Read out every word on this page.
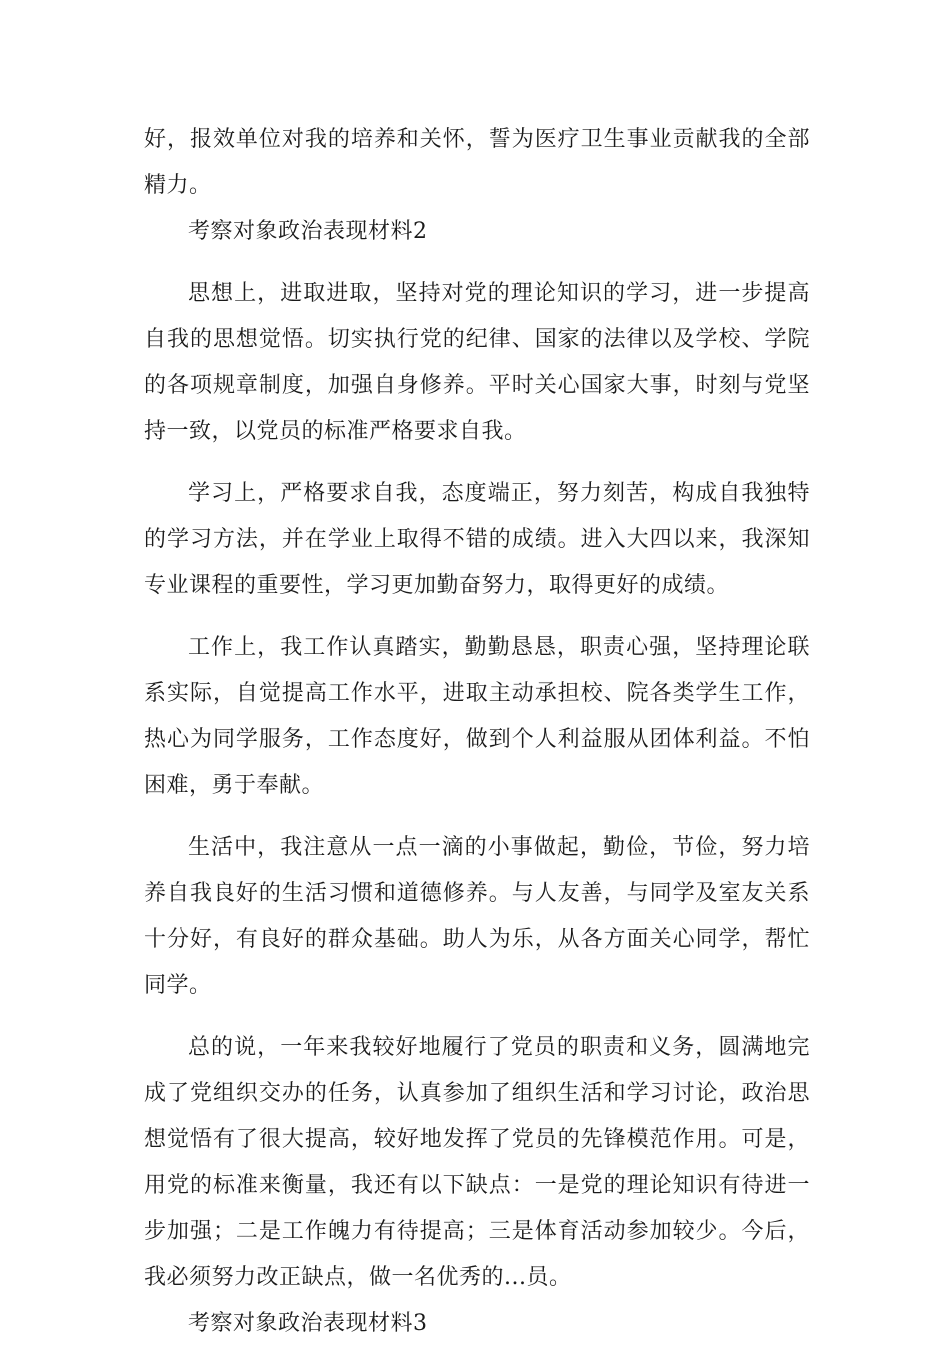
好，报效单位对我的培养和关怀，誓为医疗卫生事业贡献我的全部精力。

考察对象政治表现材料2

思想上，进取进取，坚持对党的理论知识的学习，进一步提高自我的思想觉悟。切实执行党的纪律、国家的法律以及学校、学院的各项规章制度，加强自身修养。平时关心国家大事，时刻与党坚持一致，以党员的标准严格要求自我。

学习上，严格要求自我，态度端正，努力刻苦，构成自我独特的学习方法，并在学业上取得不错的成绩。进入大四以来，我深知专业课程的重要性，学习更加勤奋努力，取得更好的成绩。

工作上，我工作认真踏实，勤勤恳恳，职责心强，坚持理论联系实际，自觉提高工作水平，进取主动承担校、院各类学生工作，热心为同学服务，工作态度好，做到个人利益服从团体利益。不怕困难，勇于奉献。

生活中，我注意从一点一滴的小事做起，勤俭，节俭，努力培养自我良好的生活习惯和道德修养。与人友善，与同学及室友关系十分好，有良好的群众基础。助人为乐，从各方面关心同学，帮忙同学。

总的说，一年来我较好地履行了党员的职责和义务，圆满地完成了党组织交办的任务，认真参加了组织生活和学习讨论，政治思想觉悟有了很大提高，较好地发挥了党员的先锋模范作用。可是，用党的标准来衡量，我还有以下缺点：一是党的理论知识有待进一步加强；二是工作魄力有待提高；三是体育活动参加较少。今后，我必须努力改正缺点，做一名优秀的...员。

考察对象政治表现材料3
